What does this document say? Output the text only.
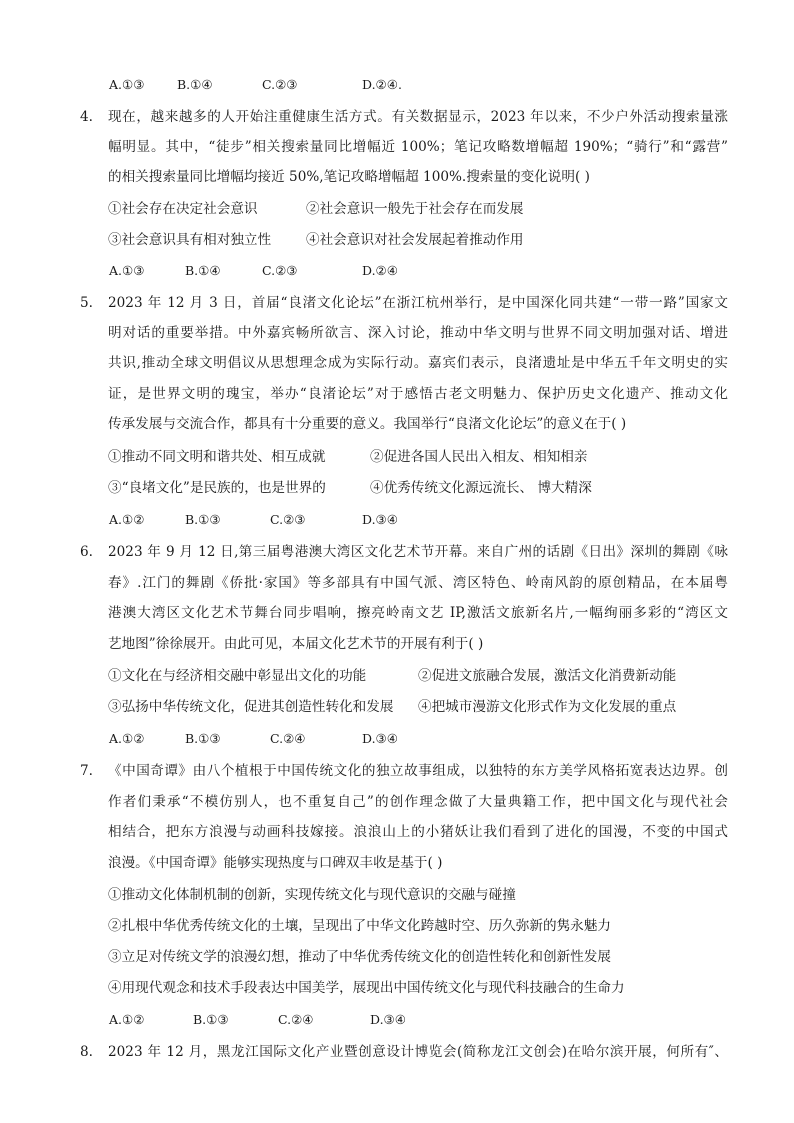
A.①③	B.①④	C.②③	D.②④.
4. 现在，越来越多的人开始注重健康生活方式。有关数据显示，2023 年以来，不少户外活动搜索量涨
幅明显。其中，“徒步”相关搜索量同比增幅近 100%；笔记攻略数增幅超 190%；“骑行”和“露营”
的相关搜索量同比增幅均接近 50%,笔记攻略增幅超 100%.搜索量的变化说明( )
①社会存在决定社会意识	②社会意识一般先于社会存在而发展
③社会意识具有相对独立性	④社会意识对社会发展起着推动作用
A.①③	B.①④	C.②③	D.②④
5. 2023 年 12 月 3 日，首届“良渚文化论坛”在浙江杭州举行，是中国深化同共建“一带一路”国家文
明对话的重要举措。中外嘉宾畅所欲言、深入讨论，推动中华文明与世界不同文明加强对话、增进
共识,推动全球文明倡议从思想理念成为实际行动。嘉宾们表示，良渚遗址是中华五千年文明史的实
证，是世界文明的瑰宝，举办“良渚论坛”对于感悟古老文明魅力、保护历史文化遗产、推动文化
传承发展与交流合作，都具有十分重要的意义。我国举行“良渚文化论坛”的意义在于( )
①推动不同文明和谐共处、相互成就	②促进各国人民出入相友、相知相亲
③“良堵文化”是民族的，也是世界的	④优秀传统文化源远流长、 博大精深
A.①②	B.①③	C.②③	D.③④
6. 2023 年 9 月 12 日,第三届粤港澳大湾区文化艺术节开幕。来自广州的话剧《日出》深圳的舞剧《咏
春》.江门的舞剧《侨批·家国》等多部具有中国气派、湾区特色、岭南风韵的原创精品，在本届粤
港澳大湾区文化艺术节舞台同步唱响，擦亮岭南文艺 IP,激活文旅新名片,一幅绚丽多彩的“湾区文
艺地图”徐徐展开。由此可见，本届文化艺术节的开展有利于( )
①文化在与经济相交融中彰显出文化的功能	②促进文旅融合发展，激活文化消费新动能
③弘扬中华传统文化，促进其创造性转化和发展 ④把城市漫游文化形式作为文化发展的重点
A.①②	B.①③	C.②④	D.③④
7. 《中国奇谭》由八个植根于中国传统文化的独立故事组成，以独特的东方美学风格拓宽表达边界。创
作者们秉承“不模仿别人，也不重复自己”的创作理念做了大量典籍工作，把中国文化与现代社会
相结合，把东方浪漫与动画科技嫁接。浪浪山上的小猪妖让我们看到了进化的国漫，不变的中国式
浪漫。《中国奇谭》能够实现热度与口碑双丰收是基于( )
①推动文化体制机制的创新，实现传统文化与现代意识的交融与碰撞
②扎根中华优秀传统文化的土壤，呈现出了中华文化跨越时空、历久弥新的隽永魅力
③立足对传统文学的浪漫幻想，推动了中华优秀传统文化的创造性转化和创新性发展
④用现代观念和技术手段表达中国美学，展现出中国传统文化与现代科技融合的生命力
A.①②	B.①③	C.②④	D.③④
8. 2023 年 12 月，黑龙江国际文化产业暨创意设计博览会(简称龙江文创会)在哈尔滨开展，何所有″、
